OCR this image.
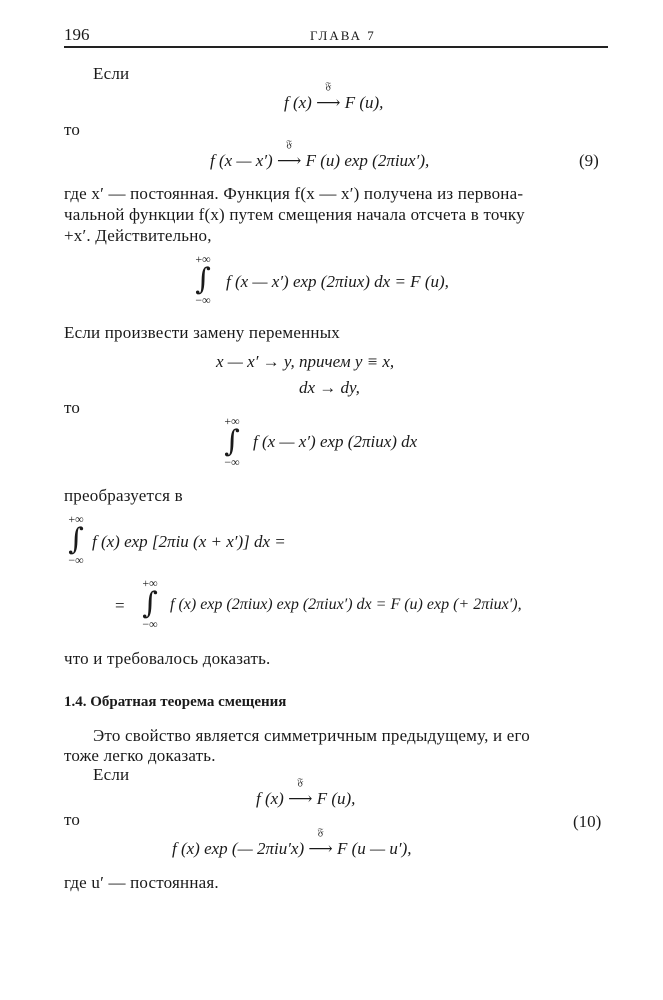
196	ГЛАВА 7
Если
f (x)
𝔉
⟶ F (u),
то
f (x — x′)
𝔉
⟶ F (u) exp (2πiux′),	(9)
где x′ — постоянная. Функция f(x — x′) получена из первона-
чальной функции f(x) путем смещения начала отсчета в точку
+x′. Действительно,
+∞
∫
−∞
f (x — x′) exp (2πiux) dx = F (u),
Если произвести замену переменных
x — x′ → y, причем y ≡ x,
dx → dy,
то
+∞
∫
−∞
f (x — x′) exp (2πiux) dx
преобразуется в
+∞
∫
−∞
f (x) exp [2πiu (x + x′)] dx =
=
+∞
∫
−∞
f (x) exp (2πiux) exp (2πiux′) dx = F (u) exp (+ 2πiux′),
что и требовалось доказать.
1.4. Обратная теорема смещения
Это свойство является симметричным предыдущему, и его
тоже легко доказать.
Если
f (x)
𝔉
⟶ F (u),
то	(10)
f (x) exp (— 2πiu′x)
𝔉
⟶ F (u — u′),
где u′ — постоянная.
